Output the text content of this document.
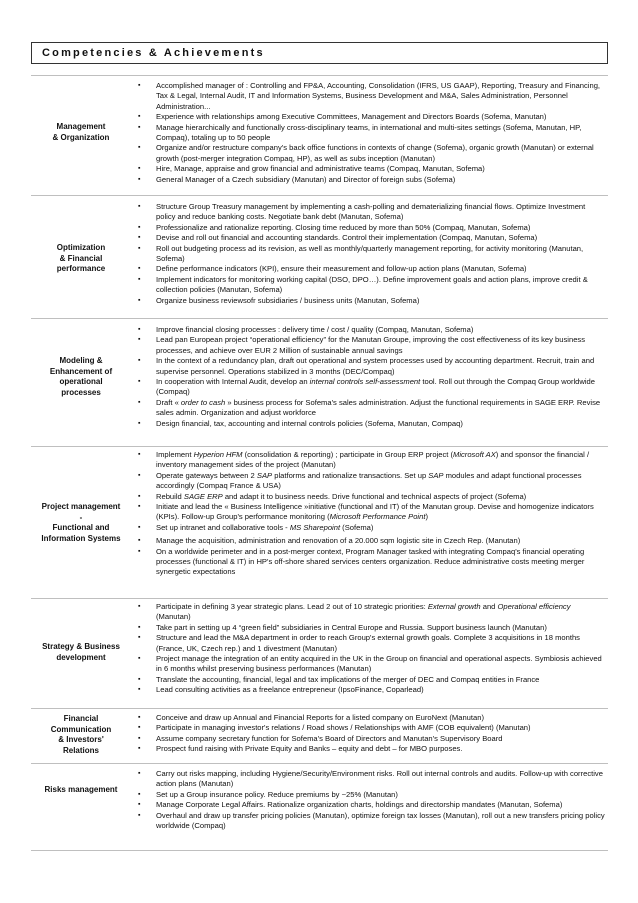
Competencies & Achievements
Management
& Organization
▪ Accomplished manager of : Controlling and FP&A, Accounting, Consolidation (IFRS, US GAAP), Reporting, Treasury and Financing, Tax & Legal, Internal Audit, IT and Information Systems, Business Development and M&A, Sales Administration, Personnel Administration...
▪ Experience with relationships among Executive Committees, Management and Directors Boards (Sofema, Manutan)
▪ Manage hierarchically and functionally cross-disciplinary teams, in international and multi-sites settings (Sofema, Manutan, HP, Compaq), totaling up to 50 people
▪ Organize and/or restructure company's back office functions in contexts of change (Sofema), organic growth (Manutan) or external growth (post-merger integration Compaq, HP), as well as subs inception (Manutan)
▪ Hire, Manage, appraise and grow financial and administrative teams (Compaq, Manutan, Sofema)
▪ General Manager of a Czech subsidiary (Manutan) and Director of foreign subs (Sofema)
Optimization
& Financial
performance
▪ Structure Group Treasury management by implementing a cash-polling and dematerializing financial flows. Optimize Investment policy and reduce banking costs. Negotiate bank debt (Manutan, Sofema)
▪ Professionalize and rationalize reporting. Closing time reduced by more than 50% (Compaq, Manutan, Sofema)
▪ Devise and roll out financial and accounting standards. Control their implementation (Compaq, Manutan, Sofema)
▪ Roll out budgeting process ad its revision, as well as monthly/quarterly management reporting, for activity monitoring (Manutan, Sofema)
▪ Define performance indicators (KPI), ensure their measurement and follow-up action plans (Manutan, Sofema)
▪ Implement indicators for monitoring working capital (DSO, DPO…). Define improvement goals and action plans, improve credit & collection policies (Manutan, Sofema)
▪ Organize business reviewsofr subsidiaries / business units (Manutan, Sofema)
Modeling &
Enhancement of
operational
processes
▪ Improve financial closing processes : delivery time / cost / quality (Compaq, Manutan, Sofema)
▪ Lead pan European project “operational efficiency” for the Manutan Groupe, improving the cost effectiveness of its key business processes, and achieve over EUR 2 Million of sustainable annual savings
▪ In the context of a redundancy plan, draft out operational and system processes used by accounting department. Recruit, train and supervise personnel. Operations stabilized in 3 months (DEC/Compaq)
▪ In cooperation with Internal Audit, develop an internal controls self-assessment tool. Roll out through the Compaq Group worldwide (Compaq)
▪ Draft « order to cash » business process for Sofema's sales administration. Adjust the functional requirements in SAGE ERP. Revise sales admin. Organization and adjust workforce
▪ Design financial, tax, accounting and internal controls policies (Sofema, Manutan, Compaq)
Project management
-
Functional and
Information Systems
▪ Implement Hyperion HFM (consolidation & reporting) ; participate in Group ERP project (Microsoft AX) and sponsor the financial / inventory management sides of the project (Manutan)
▪ Operate gateways between 2 SAP platforms and rationalize transactions. Set up SAP modules and adapt functional processes accordingly (Compaq France & USA)
▪ Rebuild SAGE ERP and adapt it to business needs. Drive functional and technical aspects of project (Sofema)
▪ Initiate and lead the « Business Intelligence »initiative (functional and IT) of the Manutan group. Devise and homogenize indicators (KPIs). Follow-up Group's performance monitoring (Microsoft Performance Point)
▪ Set up intranet and collaborative tools - MS Sharepoint (Sofema)
▪ Manage the acquisition, administration and renovation of a 20.000 sqm logistic site in Czech Rep. (Manutan)
▪ On a worldwide perimeter and in a post-merger context, Program Manager tasked with integrating Compaq's financial operating processes (functional & IT) in HP's off-shore shared services centers organization. Reduce administrative costs meeting merger synergetic expectations
Strategy & Business
development
▪ Participate in defining 3 year strategic plans. Lead 2 out of 10 strategic priorities: External growth and Operational efficiency (Manutan)
▪ Take part in setting up 4 “green field” subsidiaries in Central Europe and Russia. Support business launch (Manutan)
▪ Structure and lead the M&A department in order to reach Group's external growth goals. Complete 3 acquisitions in 18 months (France, UK, Czech rep.) and 1 divestment (Manutan)
▪ Project manage the integration of an entity acquired in the UK in the Group on financial and operational aspects. Symbiosis achieved in 6 months whilst preserving business performances (Manutan)
▪ Translate the accounting, financial, legal and tax implications of the merger of DEC and Compaq entities in France
▪ Lead consulting activities as a freelance entrepreneur (IpsoFinance, Coparlead)
Financial
Communication
& Investors'
Relations
▪ Conceive and draw up Annual and Financial Reports for a listed company on EuroNext (Manutan)
▪ Participate in managing investor's relations / Road shows / Relationships with AMF (COB equivalent) (Manutan)
▪ Assume company secretary function for Sofema's Board of Directors and Manutan's Supervisory Board
▪ Prospect fund raising with Private Equity and Banks – equity and debt – for MBO purposes.
Risks management
▪ Carry out risks mapping, including Hygiene/Security/Environment risks. Roll out internal controls and audits. Follow-up with corrective action plans (Manutan)
▪ Set up a Group insurance policy. Reduce premiums by ~25% (Manutan)
▪ Manage Corporate Legal Affairs. Rationalize organization charts, holdings and directorship mandates (Manutan, Sofema)
▪ Overhaul and draw up transfer pricing policies (Manutan), optimize foreign tax losses (Manutan), roll out a new transfers pricing policy worldwide (Compaq)
